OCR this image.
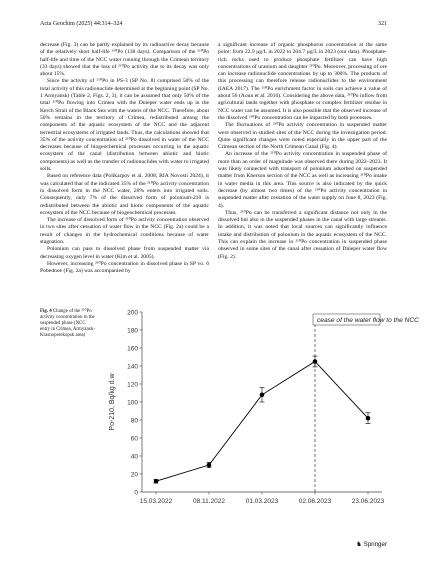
Acta Geochim (2025) 44:314–324	321

decrease (Fig. 3) can be partly explained by its radioactive decay because of the relatively short half-life ²¹⁰Po (138 days). Comparison of the ²¹⁰Po half-life and time of the NCC water running through the Crimean territory (33 days) showed that the loss of ²¹⁰Po activity due to its decay was only about 15%.

Since the activity of ²¹⁰Po in PS-3 (SP No. 8) comprised 50% of the total activity of this radionuclide determined at the beginning point (SP No. 1 Armyansk) (Table 2, Figs. 2, 3), it can be assumed that only 50% of the total ²¹⁰Po flowing into Crimea with the Dnieper water ends up in the Kerch Strait of the Black Sea with the waters of the NCC. Therefore, about 50% remains in the territory of Crimea, redistributed among the components of the aquatic ecosystem of the NCC and the adjacent terrestrial ecosystems of irrigated lands. Thus, the calculations showed that 35% of the activity concentration of ²¹⁰Po dissolved in water of the NCC decreases because of biogeochemical processes occurring in the aquatic ecosystem of the canal (distribution between abiotic and biotic components) as well as the transfer of radionuclides with water to irrigated soils.

Based on reference data (Polikarpov et al. 2008; RIA Novosti 2024), it was calculated that of the indicated 35% of the ²¹⁰Po activity concentration in dissolved form in the NCC water, 28% enters into irrigated soils. Consequently, only 7% of the dissolved form of polonium-210 is redistributed between the abiotic and biotic components of the aquatic ecosystem of the NCC because of biogeochemical processes.

The increase of dissolved form of ²¹⁰Po activity concentration observed in two sites after cessation of water flow in the NCC (Fig. 2a) could be a result of changes in the hydrochemical conditions because of water stagnation.

Polonium can pass to dissolved phase from suspended matter via decreasing oxygen level in water (Kim et al. 2005).

However, increasing ²¹⁰Po concentration in dissolved phase in SP vo. 6 Pobednoe (Fig. 2a) was accompanied by

a significant increase of organic phosphorus concentration at the same point: from 22.9 µg/L in 2022 to 204.7 µg/L in 2023 (our data). Phosphate-rich rocks used to produce phosphate fertilizer can have high concentrations of uranium and daughter ²¹⁰Po. Moreover, processing of ore can increase radionuclide concentrations by up to 300%. The products of this processing can therefore release radionuclides to the environment (IAEA 2017). The ²¹⁰Po enrichment factor in soils can achieve a value of about 56 (Aoun et al. 2010). Considering the above data, ²¹⁰Po inflow from agricultural lands together with phosphate or complex fertilizer residue in NCC water can be assumed. It is also possible that the observed increase of the dissolved ²¹⁰Po concentration can be impacted by both processes.

The fluctuations of ²¹⁰Po activity concentration in suspended matter were observed in studied sites of the NCC during the investigation period. Quite significant changes were noted especially in the upper part of the Crimean section of the North Crimean Canal (Fig. 4).

An increase of the ²¹⁰Po activity concentration in suspended phase of more than an order of magnitude was observed there during 2022–2023. It was likely connected with transport of polonium adsorbed on suspended matter from Kherson section of the NCC as well as increasing ²¹⁰Po intake in water media in this area. This source is also indicated by the quick decrease (by almost two times) of the ²¹⁰Po activity concentration in suspended matter after cessation of the water supply on June 8, 2023 (Fig. 4).

Thus, ²¹⁰Po can be transferred a significant distance not only in the dissolved but also in the suspended phases in the canal with large streams. In addition, it was noted that local sources can significantly influence intake and distribution of polonium in the aquatic ecosystem of the NCC. This can explain the increase in ²¹⁰Po concentration in suspended phase observed in some sites of the canal after cessation of Dnieper water flow (Fig. 2).

Fig. 4 Change of the ²¹⁰Po activity concentration in the suspended phase (NCC entry in Crimea, Armyansk-Krasnoperekopsk area)
0
20
40
60
80
100
120
140
160
180
200
Po-210, Bq/kg d.w
15.03.2022	08.11.2022	01.03.2023	02.06.2023	23.06.2023
cease of the water flow to the NCC
♞ Springer
